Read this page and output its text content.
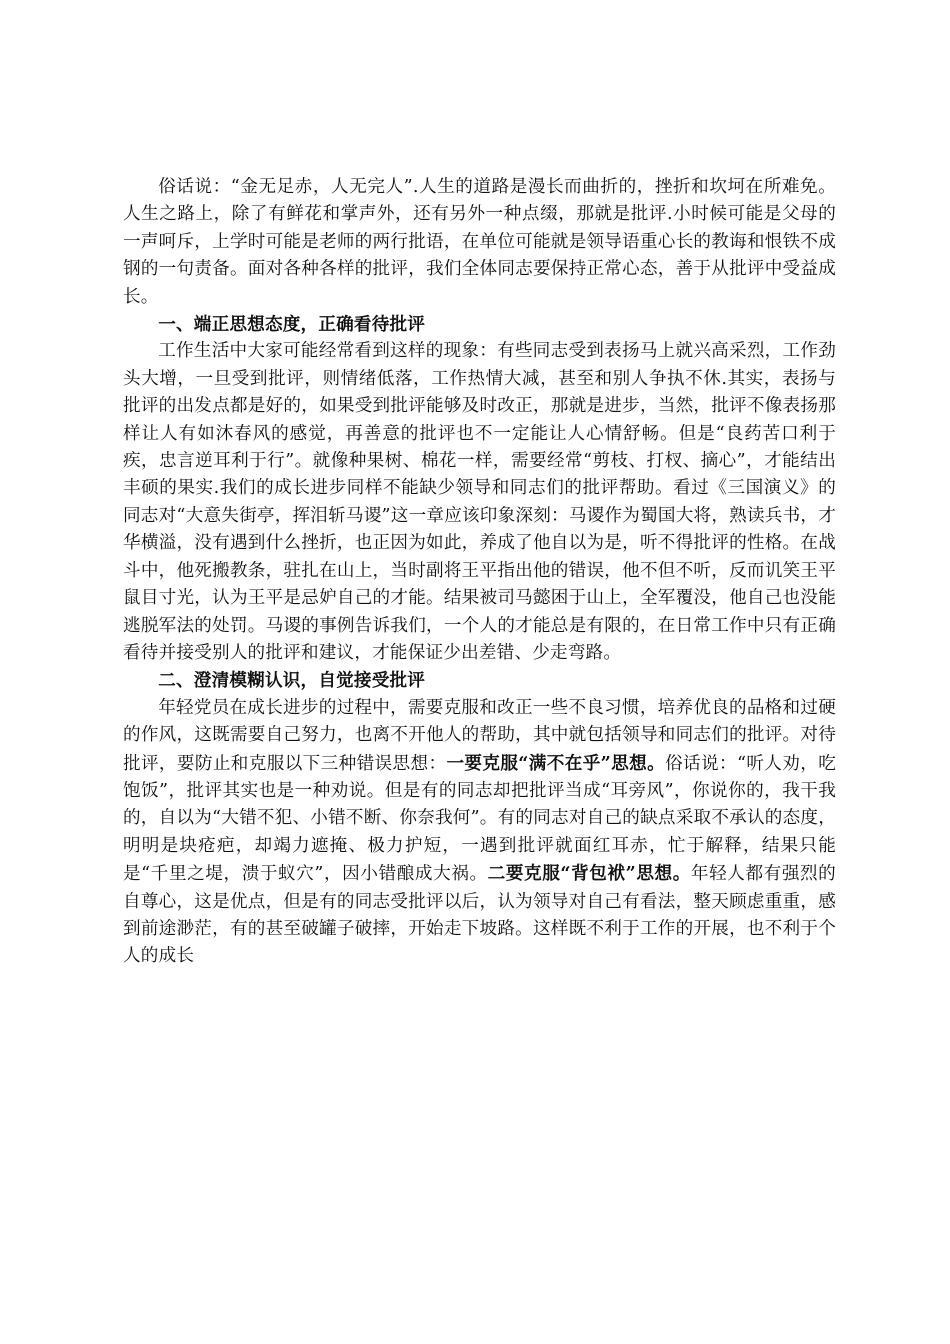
俗话说：“金无足赤，人无完人”.人生的道路是漫长而曲折的，挫折和坎坷在所难免。人生之路上，除了有鲜花和掌声外，还有另外一种点缀，那就是批评.小时候可能是父母的一声呵斥，上学时可能是老师的两行批语，在单位可能就是领导语重心长的教诲和恨铁不成钢的一句责备。面对各种各样的批评，我们全体同志要保持正常心态，善于从批评中受益成长。

一、端正思想态度，正确看待批评

工作生活中大家可能经常看到这样的现象：有些同志受到表扬马上就兴高采烈，工作劲头大增，一旦受到批评，则情绪低落，工作热情大减，甚至和别人争执不休.其实，表扬与批评的出发点都是好的，如果受到批评能够及时改正，那就是进步，当然，批评不像表扬那样让人有如沐春风的感觉，再善意的批评也不一定能让人心情舒畅。但是“良药苦口利于疾，忠言逆耳利于行”。就像种果树、棉花一样，需要经常“剪枝、打杈、摘心”，才能结出丰硕的果实.我们的成长进步同样不能缺少领导和同志们的批评帮助。看过《三国演义》的同志对“大意失街亭，挥泪斩马谡”这一章应该印象深刻：马谡作为蜀国大将，熟读兵书，才华横溢，没有遇到什么挫折，也正因为如此，养成了他自以为是，听不得批评的性格。在战斗中，他死搬教条，驻扎在山上，当时副将王平指出他的错误，他不但不听，反而讥笑王平鼠目寸光，认为王平是忌妒自己的才能。结果被司马懿困于山上，全军覆没，他自己也没能逃脱军法的处罚。马谡的事例告诉我们，一个人的才能总是有限的，在日常工作中只有正确看待并接受别人的批评和建议，才能保证少出差错、少走弯路。

二、澄清模糊认识，自觉接受批评

年轻党员在成长进步的过程中，需要克服和改正一些不良习惯，培养优良的品格和过硬的作风，这既需要自己努力，也离不开他人的帮助，其中就包括领导和同志们的批评。对待批评，要防止和克服以下三种错误思想：一要克服“满不在乎”思想。俗话说：“听人劝，吃饱饭”，批评其实也是一种劝说。但是有的同志却把批评当成“耳旁风”，你说你的，我干我的，自以为“大错不犯、小错不断、你奈我何”。有的同志对自己的缺点采取不承认的态度，明明是块疮疤，却竭力遮掩、极力护短，一遇到批评就面红耳赤，忙于解释，结果只能是“千里之堤，溃于蚁穴”，因小错酿成大祸。二要克服“背包袱”思想。年轻人都有强烈的自尊心，这是优点，但是有的同志受批评以后，认为领导对自己有看法，整天顾虑重重，感到前途渺茫，有的甚至破罐子破摔，开始走下坡路。这样既不利于工作的开展，也不利于个人的成长
